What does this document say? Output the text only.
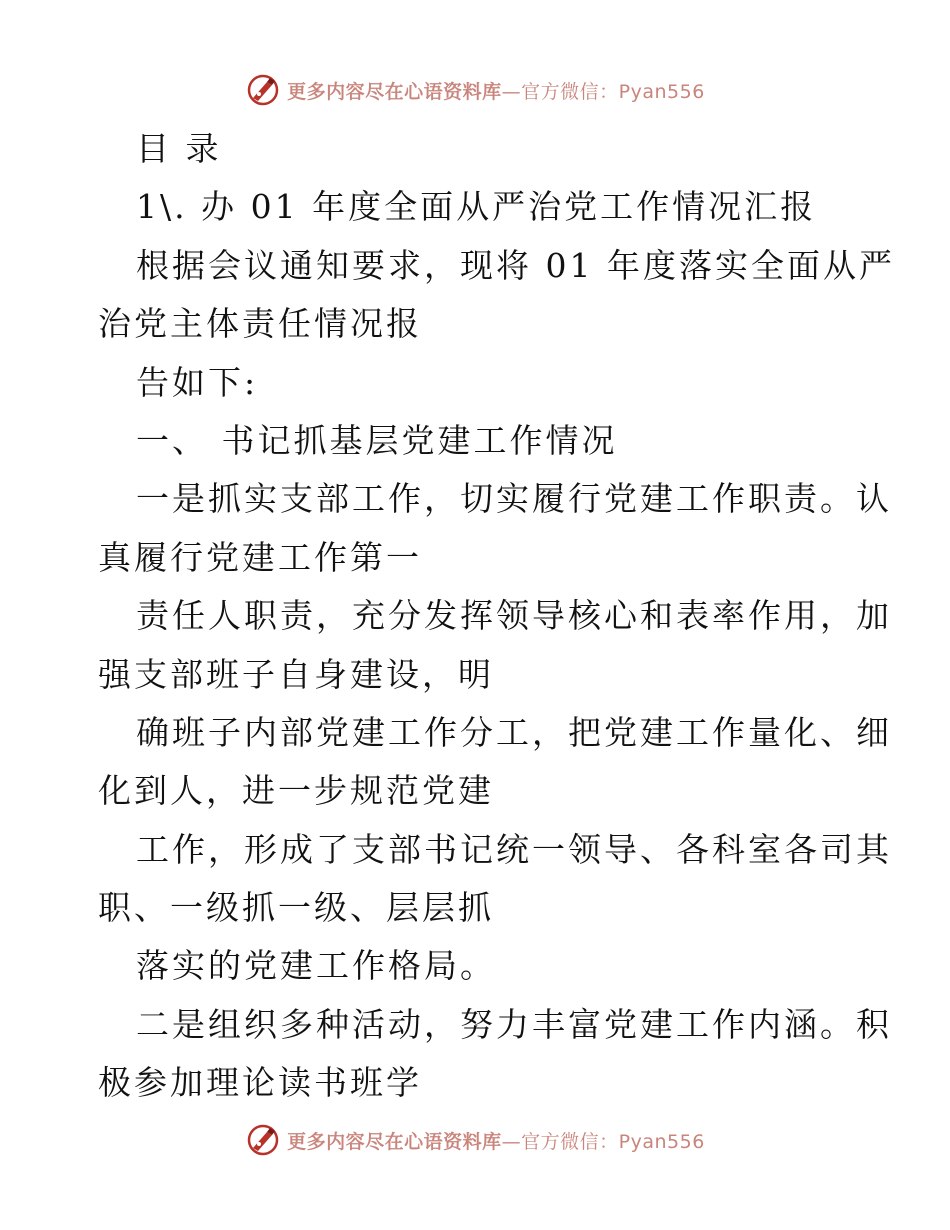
更多内容尽在心语资料库—官方微信：Pyan556
目 录
1\. 办 01 年度全面从严治党工作情况汇报
根据会议通知要求，现将 01 年度落实全面从严
治党主体责任情况报
告如下:
一、 书记抓基层党建工作情况
一是抓实支部工作，切实履行党建工作职责。认
真履行党建工作第一
责任人职责，充分发挥领导核心和表率作用，加
强支部班子自身建设，明
确班子内部党建工作分工，把党建工作量化、细
化到人，进一步规范党建
工作，形成了支部书记统一领导、各科室各司其
职、一级抓一级、层层抓
落实的党建工作格局。
二是组织多种活动，努力丰富党建工作内涵。积
极参加理论读书班学
更多内容尽在心语资料库—官方微信：Pyan556
